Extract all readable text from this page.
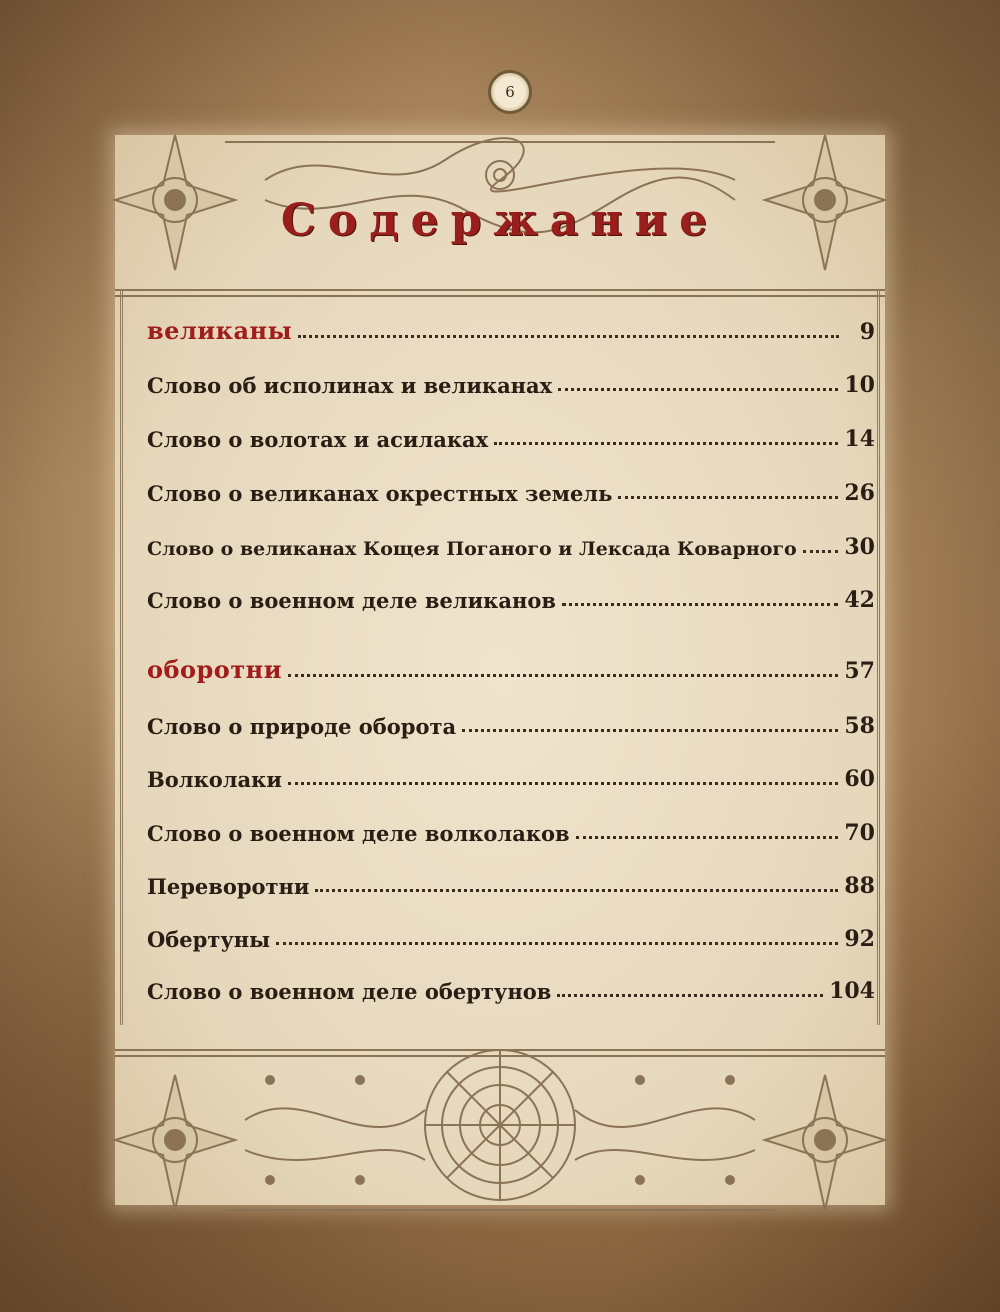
6
Содержание
великаны	9
Слово об исполинах и великанах	10
Слово о волотах и асилаках	14
Слово о великанах окрестных земель	26
Слово о великанах Кощея Поганого и Лексада Коварного 30
Слово о военном деле великанов	42
оборотни	57
Слово о природе оборота	58
Волколаки	60
Слово о военном деле волколаков	70
Переворотни	88
Обертуны	92
Слово о военном деле обертунов	104
